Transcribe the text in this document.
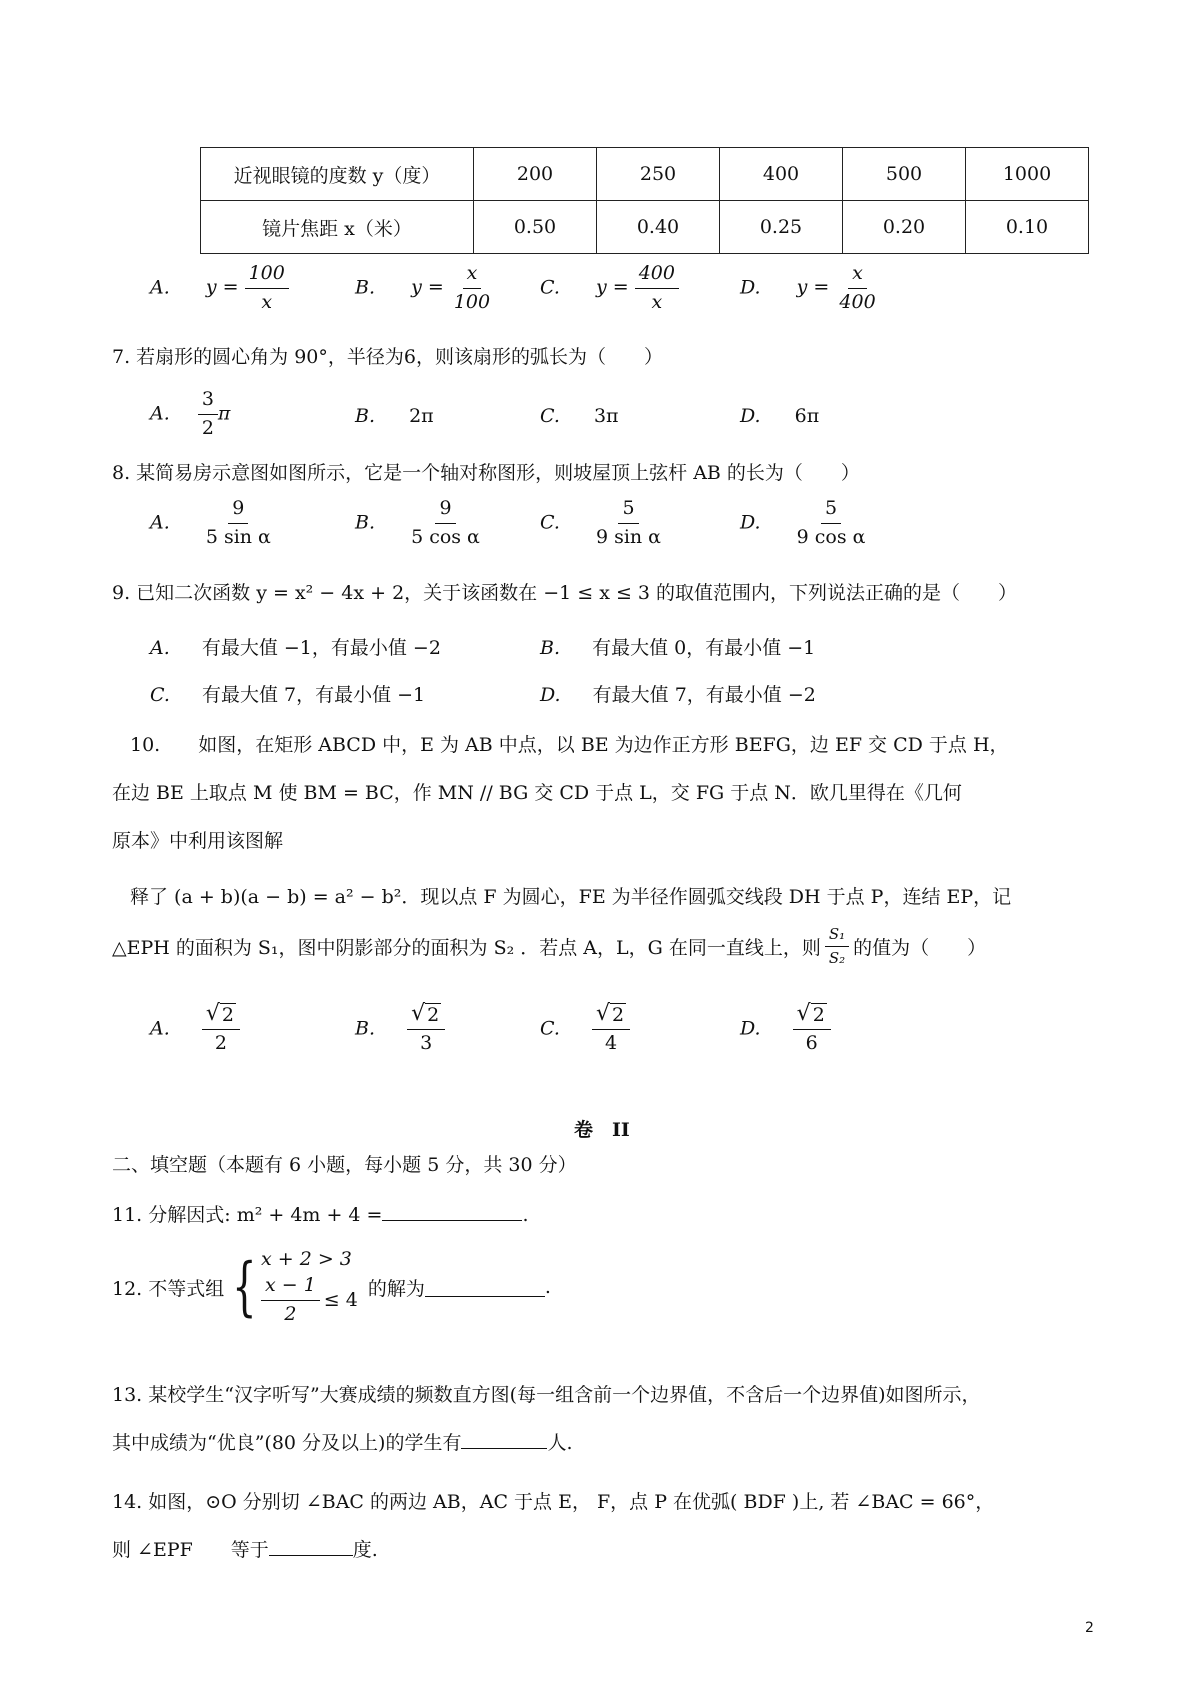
近视眼镜的度数 y（度）	200	250	400	500	1000
镜片焦距 x（米）	0.50	0.40	0.25	0.20	0.10
A. $y = \frac{100}{x}$	B. $y = \frac{x}{100} C$. $y = \frac{400}{x}$	D. $y = \frac{x}{400}$
7. 若扇形的圆心角为 90°，半径为6，则该扇形的弧长为（　　）
A. $\frac{3}{2}$ π	B. 2π	C. 3π	D. 6π
8. 某简易房示意图如图所示，它是一个轴对称图形，则坡屋顶上弦杆 AB 的长为（　　）
A. $\frac{9}{\text{5 sin α}}$	B. $\frac{9}{\text{5 cos α}}$	C. $\frac{5}{\text{9 sin α}}$	D. $\frac{5}{\text{9 cos α}}$
9. 已知二次函数 y = x² − 4x + 2，关于该函数在 −1 ≤ x ≤ 3 的取值范围内，下列说法正确的是（　　）
A. 有最大值 −1，有最小值 −2	B. 有最大值 0，有最小值 −1
C. 有最大值 7，有最小值 −1	D. 有最大值 7，有最小值 −2
10.　　如图，在矩形 ABCD 中，E 为 AB 中点，以 BE 为边作正方形 BEFG，边 EF 交 CD 于点 H，
在边 BE 上取点 M 使 BM = BC，作 MN // BG 交 CD 于点 L，交 FG 于点 N．欧几里得在《几何
原本》中利用该图解
释了 (a + b)(a − b) = a² − b²．现以点 F 为圆心，FE 为半径作圆弧交线段 DH 于点 P，连结 EP，记
△EPH 的面积为 S₁，图中阴影部分的面积为 S₂ ．若点 A，L，G 在同一直线上，则 $\frac{\text{S₁}}{\text{S₂}}$ 的值为（　　）
A. $\frac{√ 2}{2}$	B. $\frac{√ 2}{3}$	C. $\frac{√ 2}{4}$	D. $\frac{√ 2}{6}$
卷　II
二、填空题（本题有 6 小题，每小题 5 分，共 30 分）
11. 分解因式: m² + 4m + 4 =	.
12. 不等式组 { x + 2 > 3
$\frac{x - 1}{2} \le 4$
的解为	.
13. 某校学生“汉字听写”大赛成绩的频数直方图(每一组含前一个边界值，不含后一个边界值)如图所示，
其中成绩为“优良”(80 分及以上)的学生有	人.
14. 如图，⊙O 分别切 ∠BAC 的两边 AB，AC 于点 E， F，点 P 在优弧( BDF )上, 若 ∠BAC = 66°，
则 ∠EPF　　等于	度.
2
